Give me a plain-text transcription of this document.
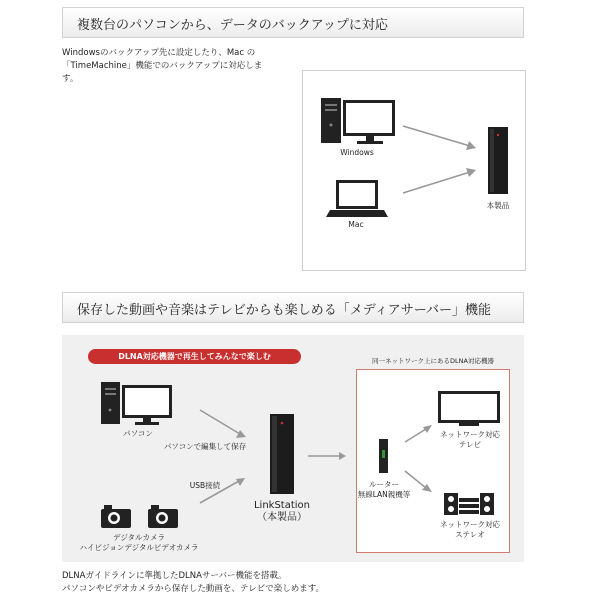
複数台のパソコンから、データのバックアップに対応
Windowsのバックアップ先に設定したり、Mac の
「TimeMachine」機能でのバックアップに対応しま
す。
Windows
Mac
本製品
保存した動画や音楽はテレビからも楽しめる「メディアサーバー」機能
DLNA対応機器で再生してみんなで楽しむ	同一ネットワーク上にあるDLNA対応機器
パソコン
パソコンで編集して保存
USB接続
デジタルカメラ
ハイビジョンデジタルビデオカメラ
LinkStation
（本製品）
ルーター
無線LAN親機等
ネットワーク対応
テレビ
ネットワーク対応
ステレオ
DLNAガイドラインに準拠したDLNAサーバー機能を搭載。
パソコンやビデオカメラから保存した動画を、テレビで楽しめます。
